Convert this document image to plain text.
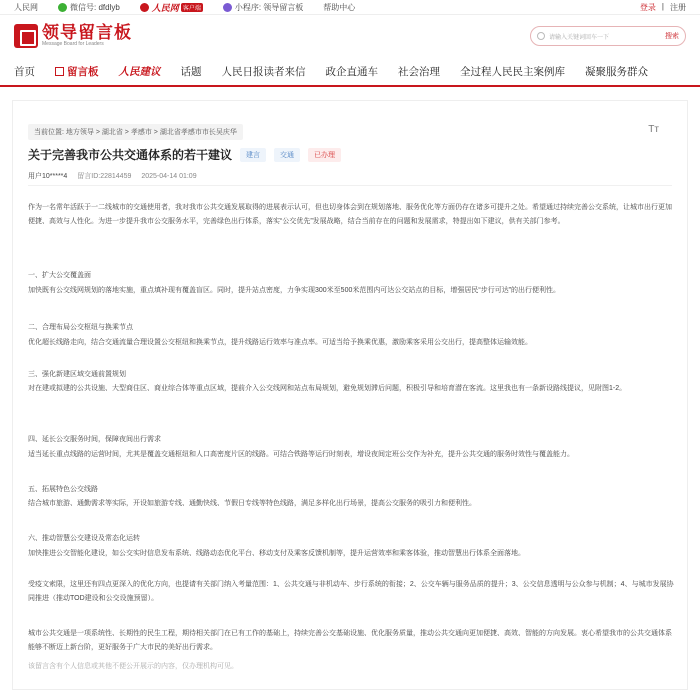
人民网	微信号: dfdlyb	人民网 客户端	小程序: 领导留言板	帮助中心	登录 | 注册
领导留言板
Message Board for Leaders
请输入关键词回车一下	搜索
首页	留言板 人民建议 话题 人民日报读者来信 政企直通车 社会治理 全过程人民民主案例库 凝聚服务群众
当前位置: 地方领导 > 湖北省 > 孝感市 > 湖北省孝感市市长吴庆华	Tт
关于完善我市公共交通体系的若干建议	建言	交通	已办理
用户10*****4 留言ID:22814459 2025-04-14 01:09
作为一名常年活跃于一二线城市的交通使用者，我对我市公共交通发展取得的进展表示认可，但也切身体会到在规划落地、服务优化等方面仍存在诸多可提升之处。希望通过持续完善公交系统，让城市出行更加便捷、高效与人性化。为进一步提升我市公交服务水平，完善绿色出行体系，落实“公交优先”发展战略，结合当前存在的问题和发展需求，特提出如下建议，供有关部门参考。
一、扩大公交覆盖面
加快既有公交线网规划的落地实施，重点填补现有覆盖盲区。同时，提升站点密度，力争实现300米至500米范围内可达公交站点的目标，增强居民“步行可达”的出行便利性。
二、合理布局公交枢纽与换乘节点
优化超长线路走向，结合交通流量合理设置公交枢纽和换乘节点，提升线路运行效率与准点率。可适当给予换乘优惠，激励乘客采用公交出行，提高整体运输效能。
三、强化新建区域交通前置规划
对在建或拟建的公共设施、大型商住区、商业综合体等重点区域，提前介入公交线网和站点布局规划，避免规划滞后问题，积极引导和培育潜在客流。这里我也有一条新设路线提议，见附图1-2。
四、延长公交服务时间，保障夜间出行需求
适当延长重点线路的运营时间，尤其是覆盖交通枢纽和人口高密度片区的线路。可结合铁路等运行时刻表，增设夜间定班公交作为补充，提升公共交通的服务时效性与覆盖能力。
五、拓展特色公交线路
结合城市旅游、通勤需求等实际，开设如旅游专线、通勤快线、节假日专线等特色线路，满足多样化出行场景，提高公交服务的吸引力和便利性。
六、推动智慧公交建设及常态化运转
加快推进公交智能化建设，如公交实时信息发布系统、线路动态优化平台、移动支付及乘客反馈机制等，提升运营效率和乘客体验，推动智慧出行体系全面落地。
受疫文索限，这里还有四点更深入的优化方向，也提请有关部门纳入考量范围：1、公共交通与非机动车、步行系统的衔接；2、公交车辆与服务品质的提升；3、公交信息透明与公众参与机制；4、与城市发展协同推进（推动TOD建设和公交设施预留）。
城市公共交通是一项系统性、长期性的民生工程，期待相关部门在已有工作的基础上，持续完善公交基础设施、优化服务质量，推动公共交通向更加便捷、高效、智能的方向发展。衷心希望我市的公共交通体系能够不断迈上新台阶，更好服务于广大市民的美好出行需求。
该留言含有个人信息或其他不便公开展示的内容，仅办理机构可见。
